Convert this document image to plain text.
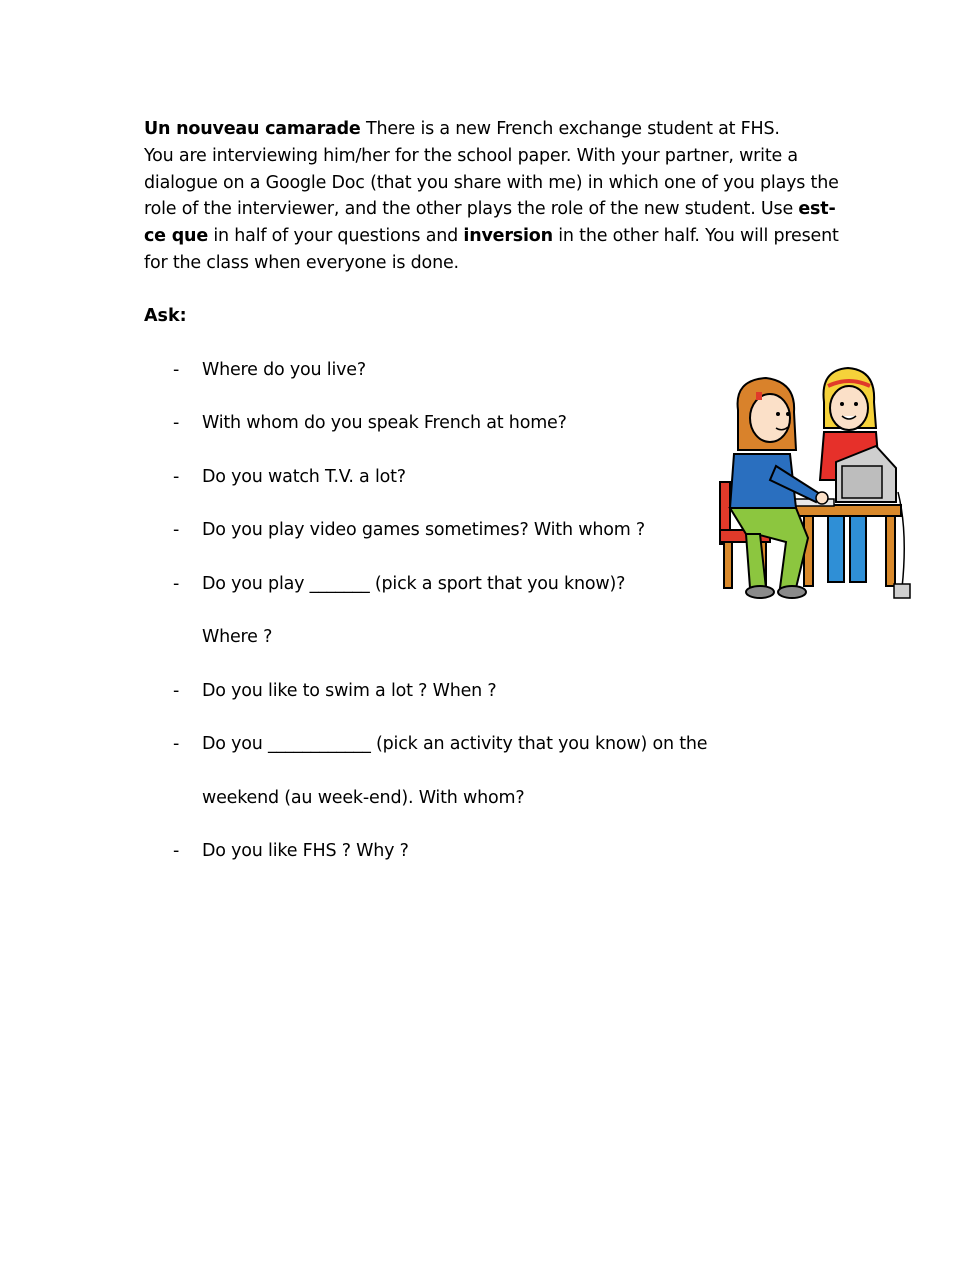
Un nouveau camarade There is a new French exchange student at FHS.
You are interviewing him/her for the school paper. With your partner, write a dialogue on a Google Doc (that you share with me) in which one of you plays the role of the interviewer, and the other plays the role of the new student. Use est-ce que in half of your questions and inversion in the other half. You will present for the class when everyone is done.

Ask:
- Where do you live?
- With whom do you speak French at home?
- Do you watch T.V. a lot?
- Do you play video games sometimes? With whom ?
- Do you play _______ (pick a sport that you know)?
Where ?
- Do you like to swim a lot ? When ?
- Do you ____________ (pick an activity that you know) on the
weekend (au week-end). With whom?
- Do you like FHS ? Why ?
